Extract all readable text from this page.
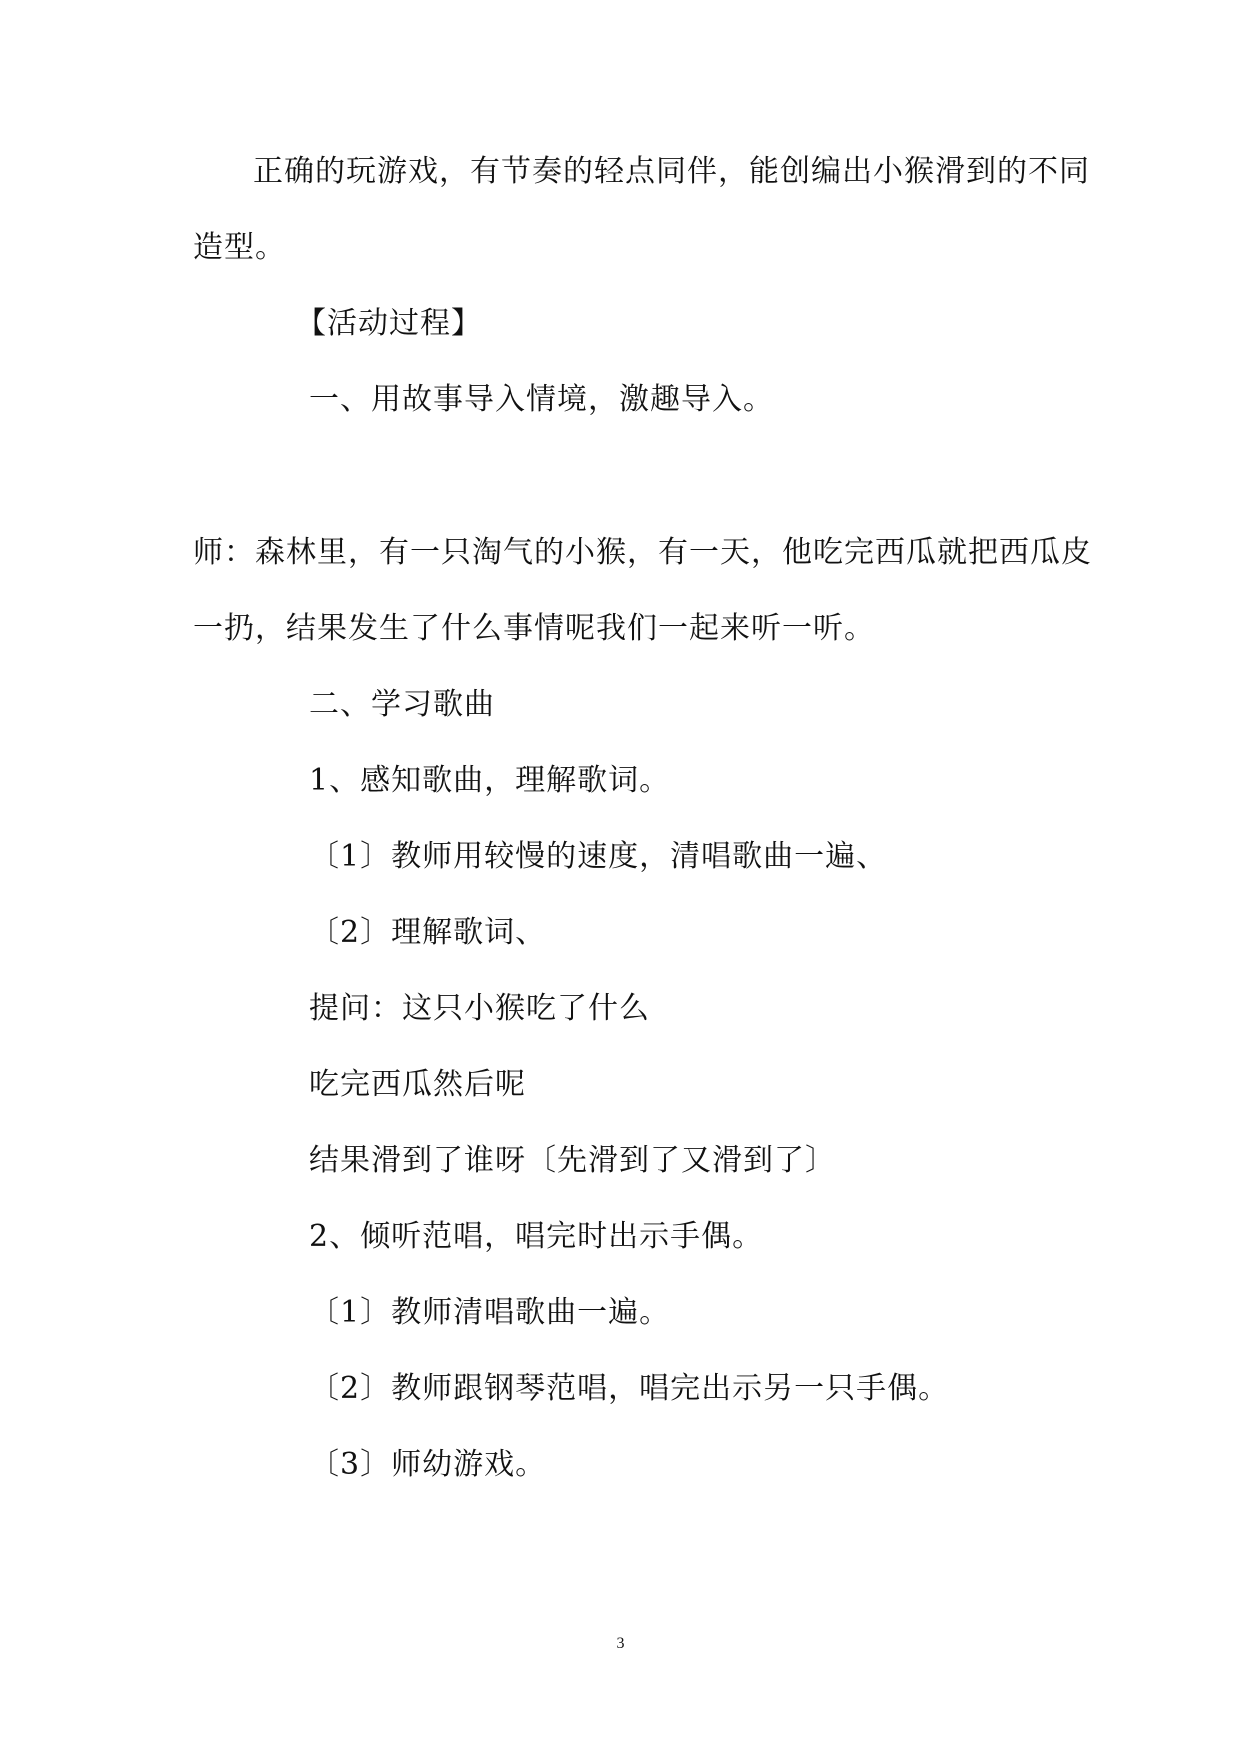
正确的玩游戏，有节奏的轻点同伴，能创编出小猴滑到的不同
造型。
【活动过程】
一、用故事导入情境，激趣导入。
师：森林里，有一只淘气的小猴，有一天，他吃完西瓜就把西瓜皮
一扔，结果发生了什么事情呢我们一起来听一听。
二、学习歌曲
1、感知歌曲，理解歌词。
〔1〕教师用较慢的速度，清唱歌曲一遍、
〔2〕理解歌词、
提问：这只小猴吃了什么
吃完西瓜然后呢
结果滑到了谁呀〔先滑到了又滑到了〕
2、倾听范唱，唱完时出示手偶。
〔1〕教师清唱歌曲一遍。
〔2〕教师跟钢琴范唱，唱完出示另一只手偶。
〔3〕师幼游戏。
3
